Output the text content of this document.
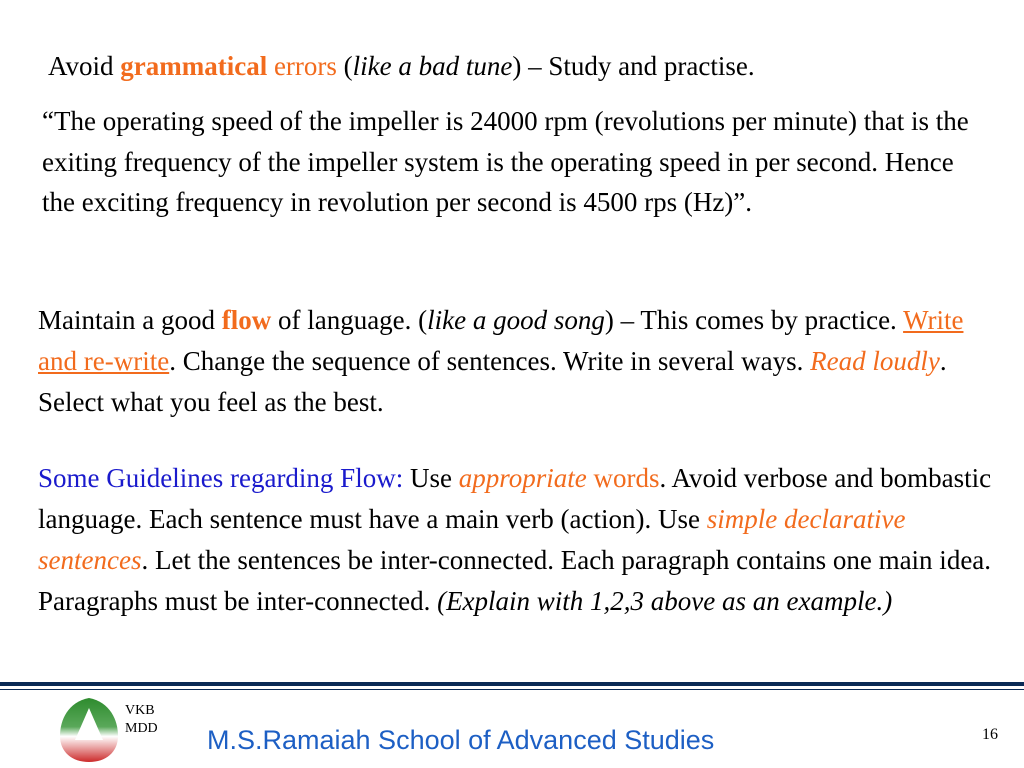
Avoid grammatical errors (like a bad tune) – Study and practise.

“The operating speed of the impeller is 24000 rpm (revolutions per minute) that is the exiting frequency of the impeller system is the operating speed in per second. Hence the exciting frequency in revolution per second is 4500 rps (Hz)”.

Maintain a good flow of language. (like a good song) – This comes by practice. Write and re-write. Change the sequence of sentences. Write in several ways. Read loudly. Select what you feel as the best.

Some Guidelines regarding Flow: Use appropriate words. Avoid verbose and bombastic language. Each sentence must have a main verb (action). Use simple declarative sentences. Let the sentences be inter-connected. Each paragraph contains one main idea. Paragraphs must be inter-connected. (Explain with 1,2,3 above as an example.)

VKB
MDD M.S.Ramaiah School of Advanced Studies	16
